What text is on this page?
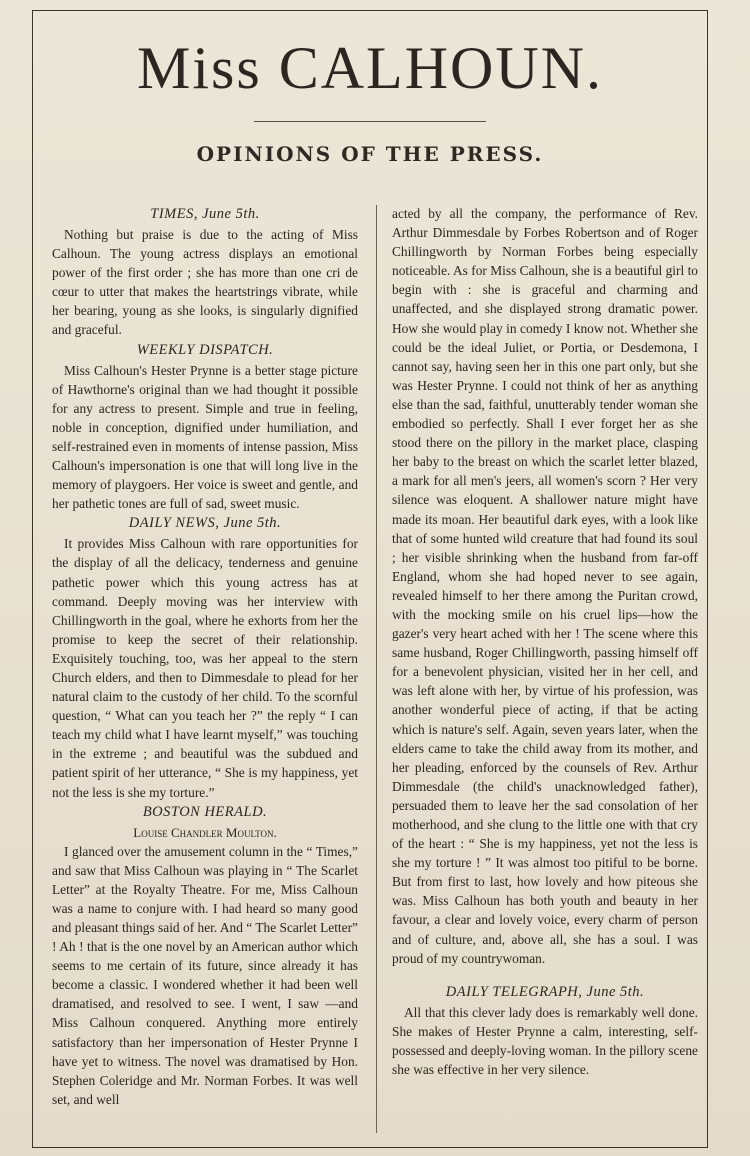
Miss CALHOUN.
OPINIONS OF THE PRESS.

TIMES, June 5th.

Nothing but praise is due to the acting of Miss Calhoun. The young actress displays an emotional power of the first order ; she has more than one cri de cœur to utter that makes the heartstrings vibrate, while her bearing, young as she looks, is singularly dignified and graceful.

WEEKLY DISPATCH.

Miss Calhoun's Hester Prynne is a better stage picture of Hawthorne's original than we had thought it possible for any actress to present. Simple and true in feeling, noble in conception, dignified under humiliation, and self-restrained even in moments of intense passion, Miss Calhoun's impersonation is one that will long live in the memory of playgoers. Her voice is sweet and gentle, and her pathetic tones are full of sad, sweet music.

DAILY NEWS, June 5th.

It provides Miss Calhoun with rare opportunities for the display of all the delicacy, tenderness and genuine pathetic power which this young actress has at command. Deeply moving was her interview with Chillingworth in the goal, where he exhorts from her the promise to keep the secret of their relationship. Exquisitely touching, too, was her appeal to the stern Church elders, and then to Dimmesdale to plead for her natural claim to the custody of her child. To the scornful question, “ What can you teach her ?” the reply “ I can teach my child what I have learnt myself,” was touching in the extreme ; and beautiful was the subdued and patient spirit of her utterance, “ She is my happiness, yet not the less is she my torture.”

BOSTON HERALD.

Louise Chandler Moulton.

I glanced over the amusement column in the “ Times,” and saw that Miss Calhoun was playing in “ The Scarlet Letter” at the Royalty Theatre. For me, Miss Calhoun was a name to conjure with. I had heard so many good and pleasant things said of her. And “ The Scarlet Letter” ! Ah ! that is the one novel by an American author which seems to me certain of its future, since already it has become a classic. I wondered whether it had been well dramatised, and resolved to see. I went, I saw —and Miss Calhoun conquered. Anything more entirely satisfactory than her impersonation of Hester Prynne I have yet to witness. The novel was dramatised by Hon. Stephen Coleridge and Mr. Norman Forbes. It was well set, and well

acted by all the company, the performance of Rev. Arthur Dimmesdale by Forbes Robertson and of Roger Chillingworth by Norman Forbes being especially noticeable. As for Miss Calhoun, she is a beautiful girl to begin with : she is graceful and charming and unaffected, and she displayed strong dramatic power. How she would play in comedy I know not. Whether she could be the ideal Juliet, or Portia, or Desdemona, I cannot say, having seen her in this one part only, but she was Hester Prynne. I could not think of her as anything else than the sad, faithful, unutterably tender woman she embodied so perfectly. Shall I ever forget her as she stood there on the pillory in the market place, clasping her baby to the breast on which the scarlet letter blazed, a mark for all men's jeers, all women's scorn ? Her very silence was eloquent. A shallower nature might have made its moan. Her beautiful dark eyes, with a look like that of some hunted wild creature that had found its soul ; her visible shrinking when the husband from far-off England, whom she had hoped never to see again, revealed himself to her there among the Puritan crowd, with the mocking smile on his cruel lips—how the gazer's very heart ached with her ! The scene where this same husband, Roger Chillingworth, passing himself off for a benevolent physician, visited her in her cell, and was left alone with her, by virtue of his profession, was another wonderful piece of acting, if that be acting which is nature's self. Again, seven years later, when the elders came to take the child away from its mother, and her pleading, enforced by the counsels of Rev. Arthur Dimmesdale (the child's unacknowledged father), persuaded them to leave her the sad consolation of her motherhood, and she clung to the little one with that cry of the heart : “ She is my happiness, yet not the less is she my torture ! ” It was almost too pitiful to be borne. But from first to last, how lovely and how piteous she was. Miss Calhoun has both youth and beauty in her favour, a clear and lovely voice, every charm of person and of culture, and, above all, she has a soul. I was proud of my countrywoman.

DAILY TELEGRAPH, June 5th.

All that this clever lady does is remarkably well done. She makes of Hester Prynne a calm, interesting, self-possessed and deeply-loving woman. In the pillory scene she was effective in her very silence.
